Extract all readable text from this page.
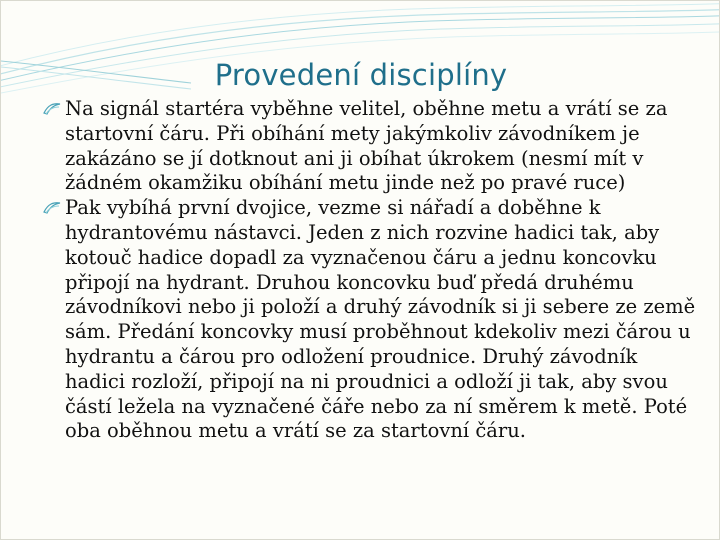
Provedení disciplíny
Na signál startéra vyběhne velitel, oběhne metu a vrátí se za startovní čáru. Při obíhání mety jakýmkoliv závodníkem je zakázáno se jí dotknout ani ji obíhat úkrokem (nesmí mít v žádném okamžiku obíhání metu jinde než po pravé ruce)
Pak vybíhá první dvojice, vezme si nářadí a doběhne k hydrantovému nástavci. Jeden z nich rozvine hadici tak, aby kotouč hadice dopadl za vyznačenou čáru a jednu koncovku připojí na hydrant. Druhou koncovku buď předá druhému závodníkovi nebo ji položí a druhý závodník si ji sebere ze země sám. Předání koncovky musí proběhnout kdekoliv mezi čárou u hydrantu a čárou pro odložení proudnice. Druhý závodník hadici rozloží, připojí na ni proudnici a odloží ji tak, aby svou částí ležela na vyznačené čáře nebo za ní směrem k metě. Poté oba oběhnou metu a vrátí se za startovní čáru.
